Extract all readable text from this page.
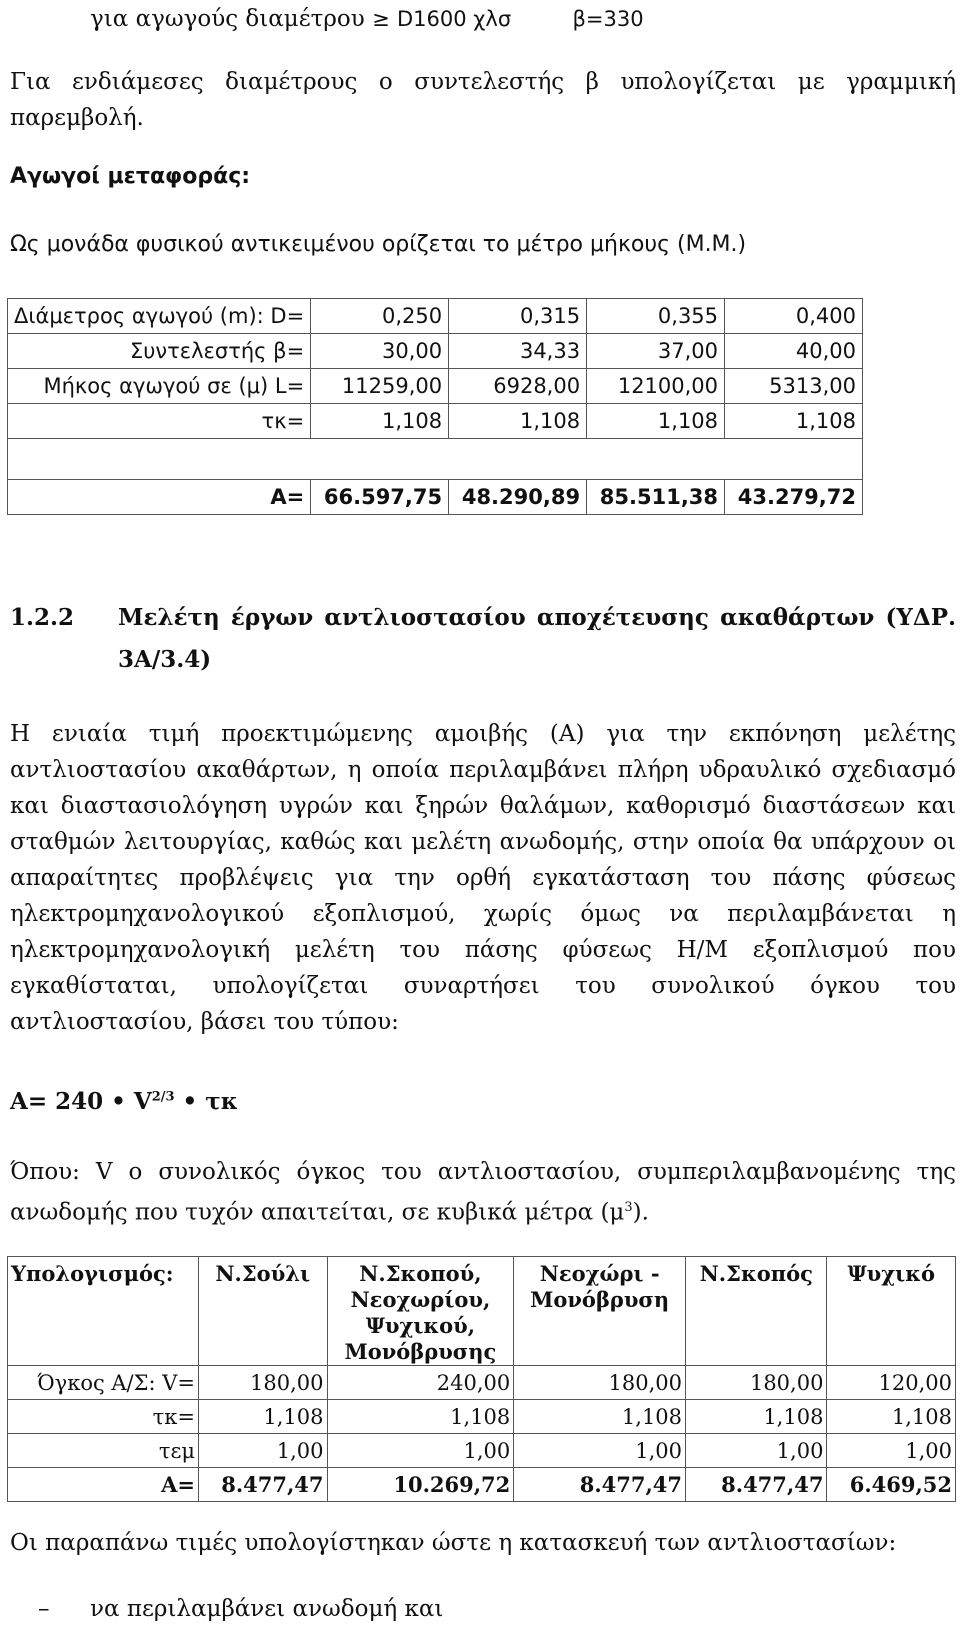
για αγωγούς διαμέτρου ≥ D1600 χλσ	β=330
Για ενδιάμεσες διαμέτρους ο συντελεστής β υπολογίζεται με γραμμική
παρεμβολή.
Αγωγοί μεταφοράς:
Ως μονάδα φυσικού αντικειμένου ορίζεται το μέτρο μήκους (Μ.Μ.)
Διάμετρος αγωγού (m): D=	0,250	0,315	0,355	0,400
Συντελεστής β=	30,00	34,33	37,00	40,00
Μήκος αγωγού σε (μ) L=	11259,00	6928,00	12100,00	5313,00
τκ=	1,108	1,108	1,108	1,108

A=	66.597,75	48.290,89	85.511,38	43.279,72
1.2.2 Μελέτη έργων αντλιοστασίου αποχέτευσης ακαθάρτων (ΥΔΡ.
3Α/3.4)
Η ενιαία τιμή προεκτιμώμενης αμοιβής (Α) για την εκπόνηση μελέτης
αντλιοστασίου ακαθάρτων, η οποία περιλαμβάνει πλήρη υδραυλικό σχεδιασμό
και διαστασιολόγηση υγρών και ξηρών θαλάμων, καθορισμό διαστάσεων και
σταθμών λειτουργίας, καθώς και μελέτη ανωδομής, στην οποία θα υπάρχουν οι
απαραίτητες προβλέψεις για την ορθή εγκατάσταση του πάσης φύσεως
ηλεκτρομηχανολογικού εξοπλισμού, χωρίς όμως να περιλαμβάνεται η
ηλεκτρομηχανολογική μελέτη του πάσης φύσεως Η/Μ εξοπλισμού που
εγκαθίσταται, υπολογίζεται συναρτήσει του συνολικού όγκου του
αντλιοστασίου, βάσει του τύπου:
A= 240 • $V^{2/3}$ • τκ
Όπου: V ο συνολικός όγκος του αντλιοστασίου, συμπεριλαμβανομένης της
ανωδομής που τυχόν απαιτείται, σε κυβικά μέτρα $(\mu^3)$.
Υπολογισμός:	Ν.Σούλι	Ν.Σκοπού,
Νεοχωρίου,
Ψυχικού,
Μονόβρυσης	Νεοχώρι -
Μονόβρυση	Ν.Σκοπός	Ψυχικό

Όγκος Α/Σ: V=	180,00	240,00	180,00	180,00	120,00
τκ=	1,108	1,108	1,108	1,108	1,108
τεμ	1,00	1,00	1,00	1,00	1,00
A=	8.477,47	10.269,72	8.477,47	8.477,47	6.469,52
Οι παραπάνω τιμές υπολογίστηκαν ώστε η κατασκευή των αντλιοστασίων:
– να περιλαμβάνει ανωδομή και
